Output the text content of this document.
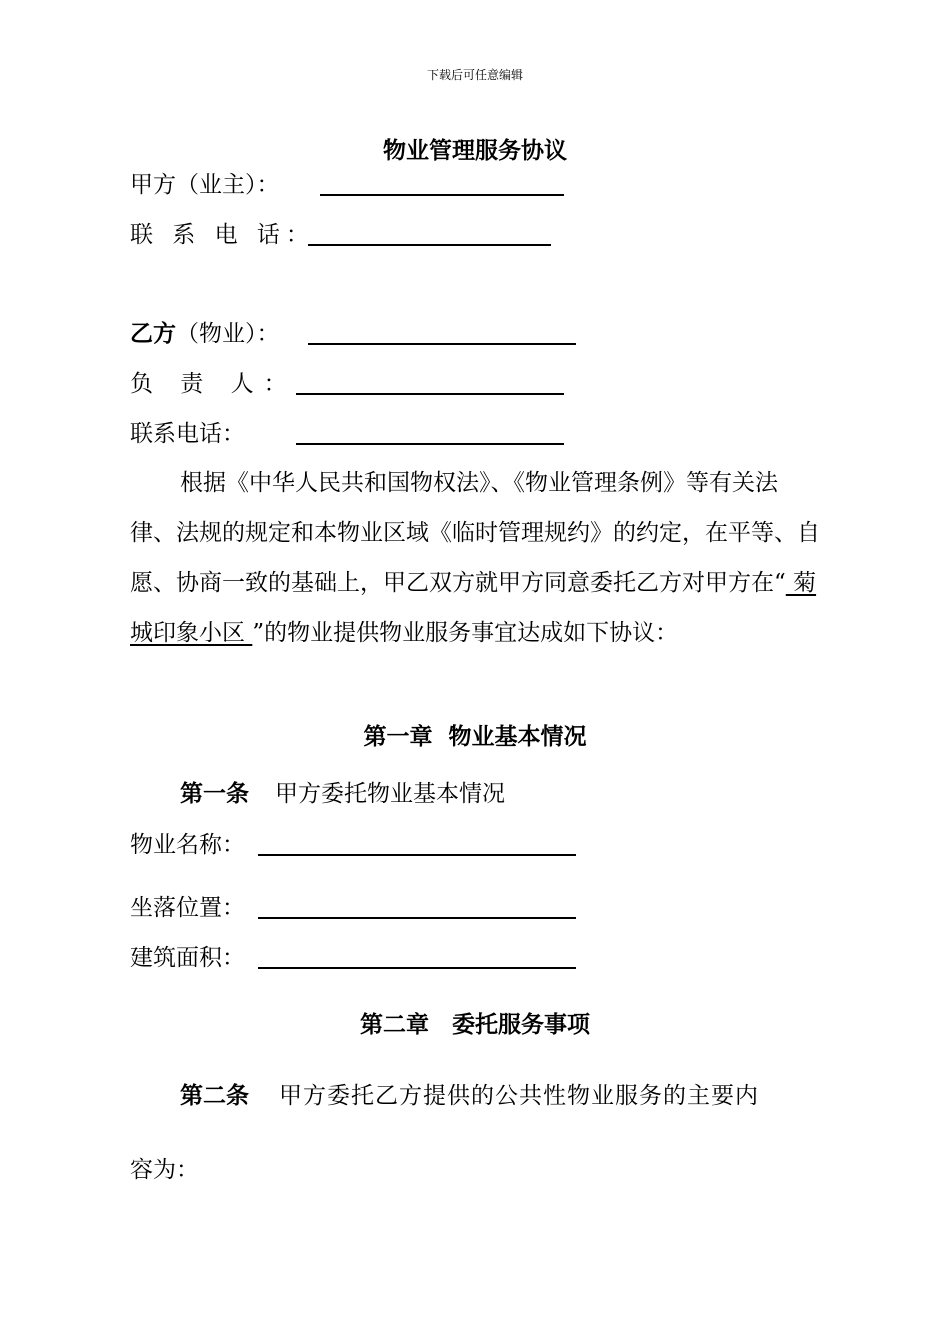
下载后可任意编辑
物业管理服务协议
甲方（业主）：
联 系 电 话：
乙方（物业）：
负 责 人：
联系电话：
根据《中华人民共和国物权法》、《物业管理条例》等有关法律、法规的规定和本物业区域《临时管理规约》的约定，在平等、自愿、协商一致的基础上，甲乙双方就甲方同意委托乙方对甲方在“ 菊城印象小区 ”的物业提供物业服务事宜达成如下协议：
第一章  物业基本情况
第一条 甲方委托物业基本情况
物业名称：
坐落位置：
建筑面积：
第二章　委托服务事项
第二条 甲方委托乙方提供的公共性物业服务的主要内
容为：
